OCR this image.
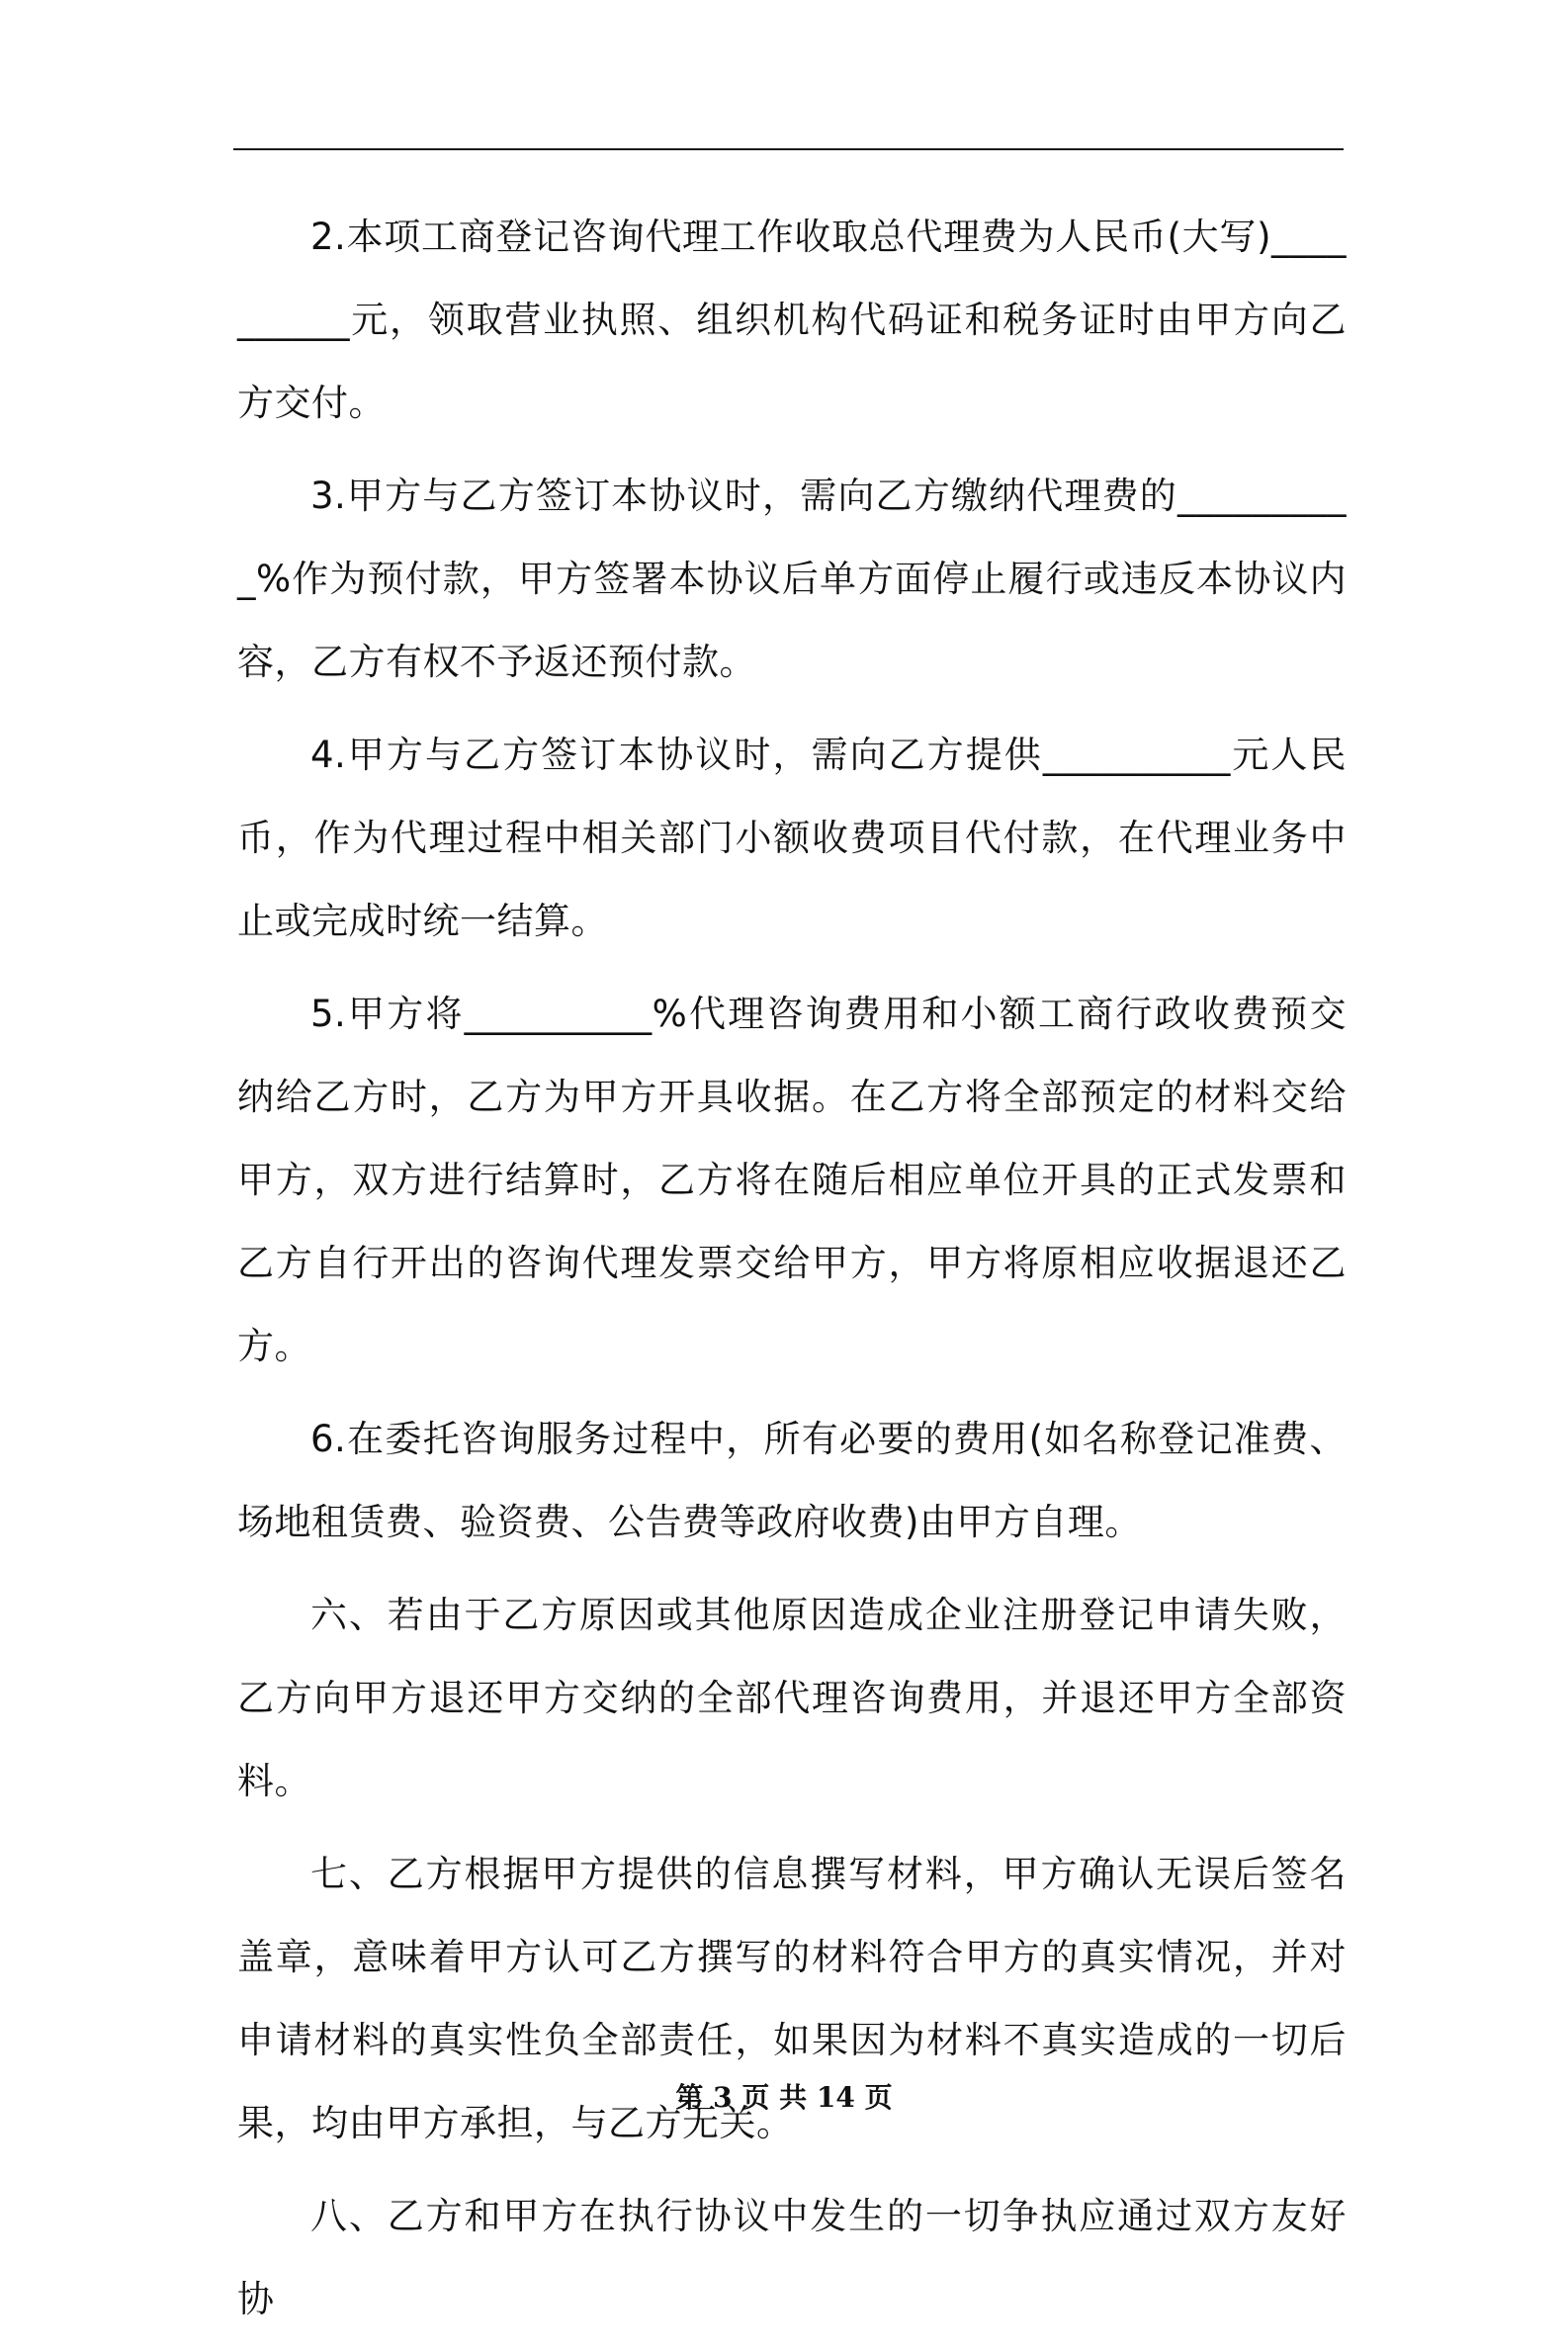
2.本项工商登记咨询代理工作收取总代理费为人民币(大写)__________元，领取营业执照、组织机构代码证和税务证时由甲方向乙方交付。

3.甲方与乙方签订本协议时，需向乙方缴纳代理费的__________%作为预付款，甲方签署本协议后单方面停止履行或违反本协议内容，乙方有权不予返还预付款。

4.甲方与乙方签订本协议时，需向乙方提供__________元人民币，作为代理过程中相关部门小额收费项目代付款，在代理业务中止或完成时统一结算。

5.甲方将__________%代理咨询费用和小额工商行政收费预交纳给乙方时，乙方为甲方开具收据。在乙方将全部预定的材料交给甲方，双方进行结算时，乙方将在随后相应单位开具的正式发票和乙方自行开出的咨询代理发票交给甲方，甲方将原相应收据退还乙方。

6.在委托咨询服务过程中，所有必要的费用(如名称登记准费、场地租赁费、验资费、公告费等政府收费)由甲方自理。

六、若由于乙方原因或其他原因造成企业注册登记申请失败，乙方向甲方退还甲方交纳的全部代理咨询费用，并退还甲方全部资料。

七、乙方根据甲方提供的信息撰写材料，甲方确认无误后签名盖章，意味着甲方认可乙方撰写的材料符合甲方的真实情况，并对申请材料的真实性负全部责任，如果因为材料不真实造成的一切后果，均由甲方承担，与乙方无关。

八、乙方和甲方在执行协议中发生的一切争执应通过双方友好协

第 3 页 共 14 页
